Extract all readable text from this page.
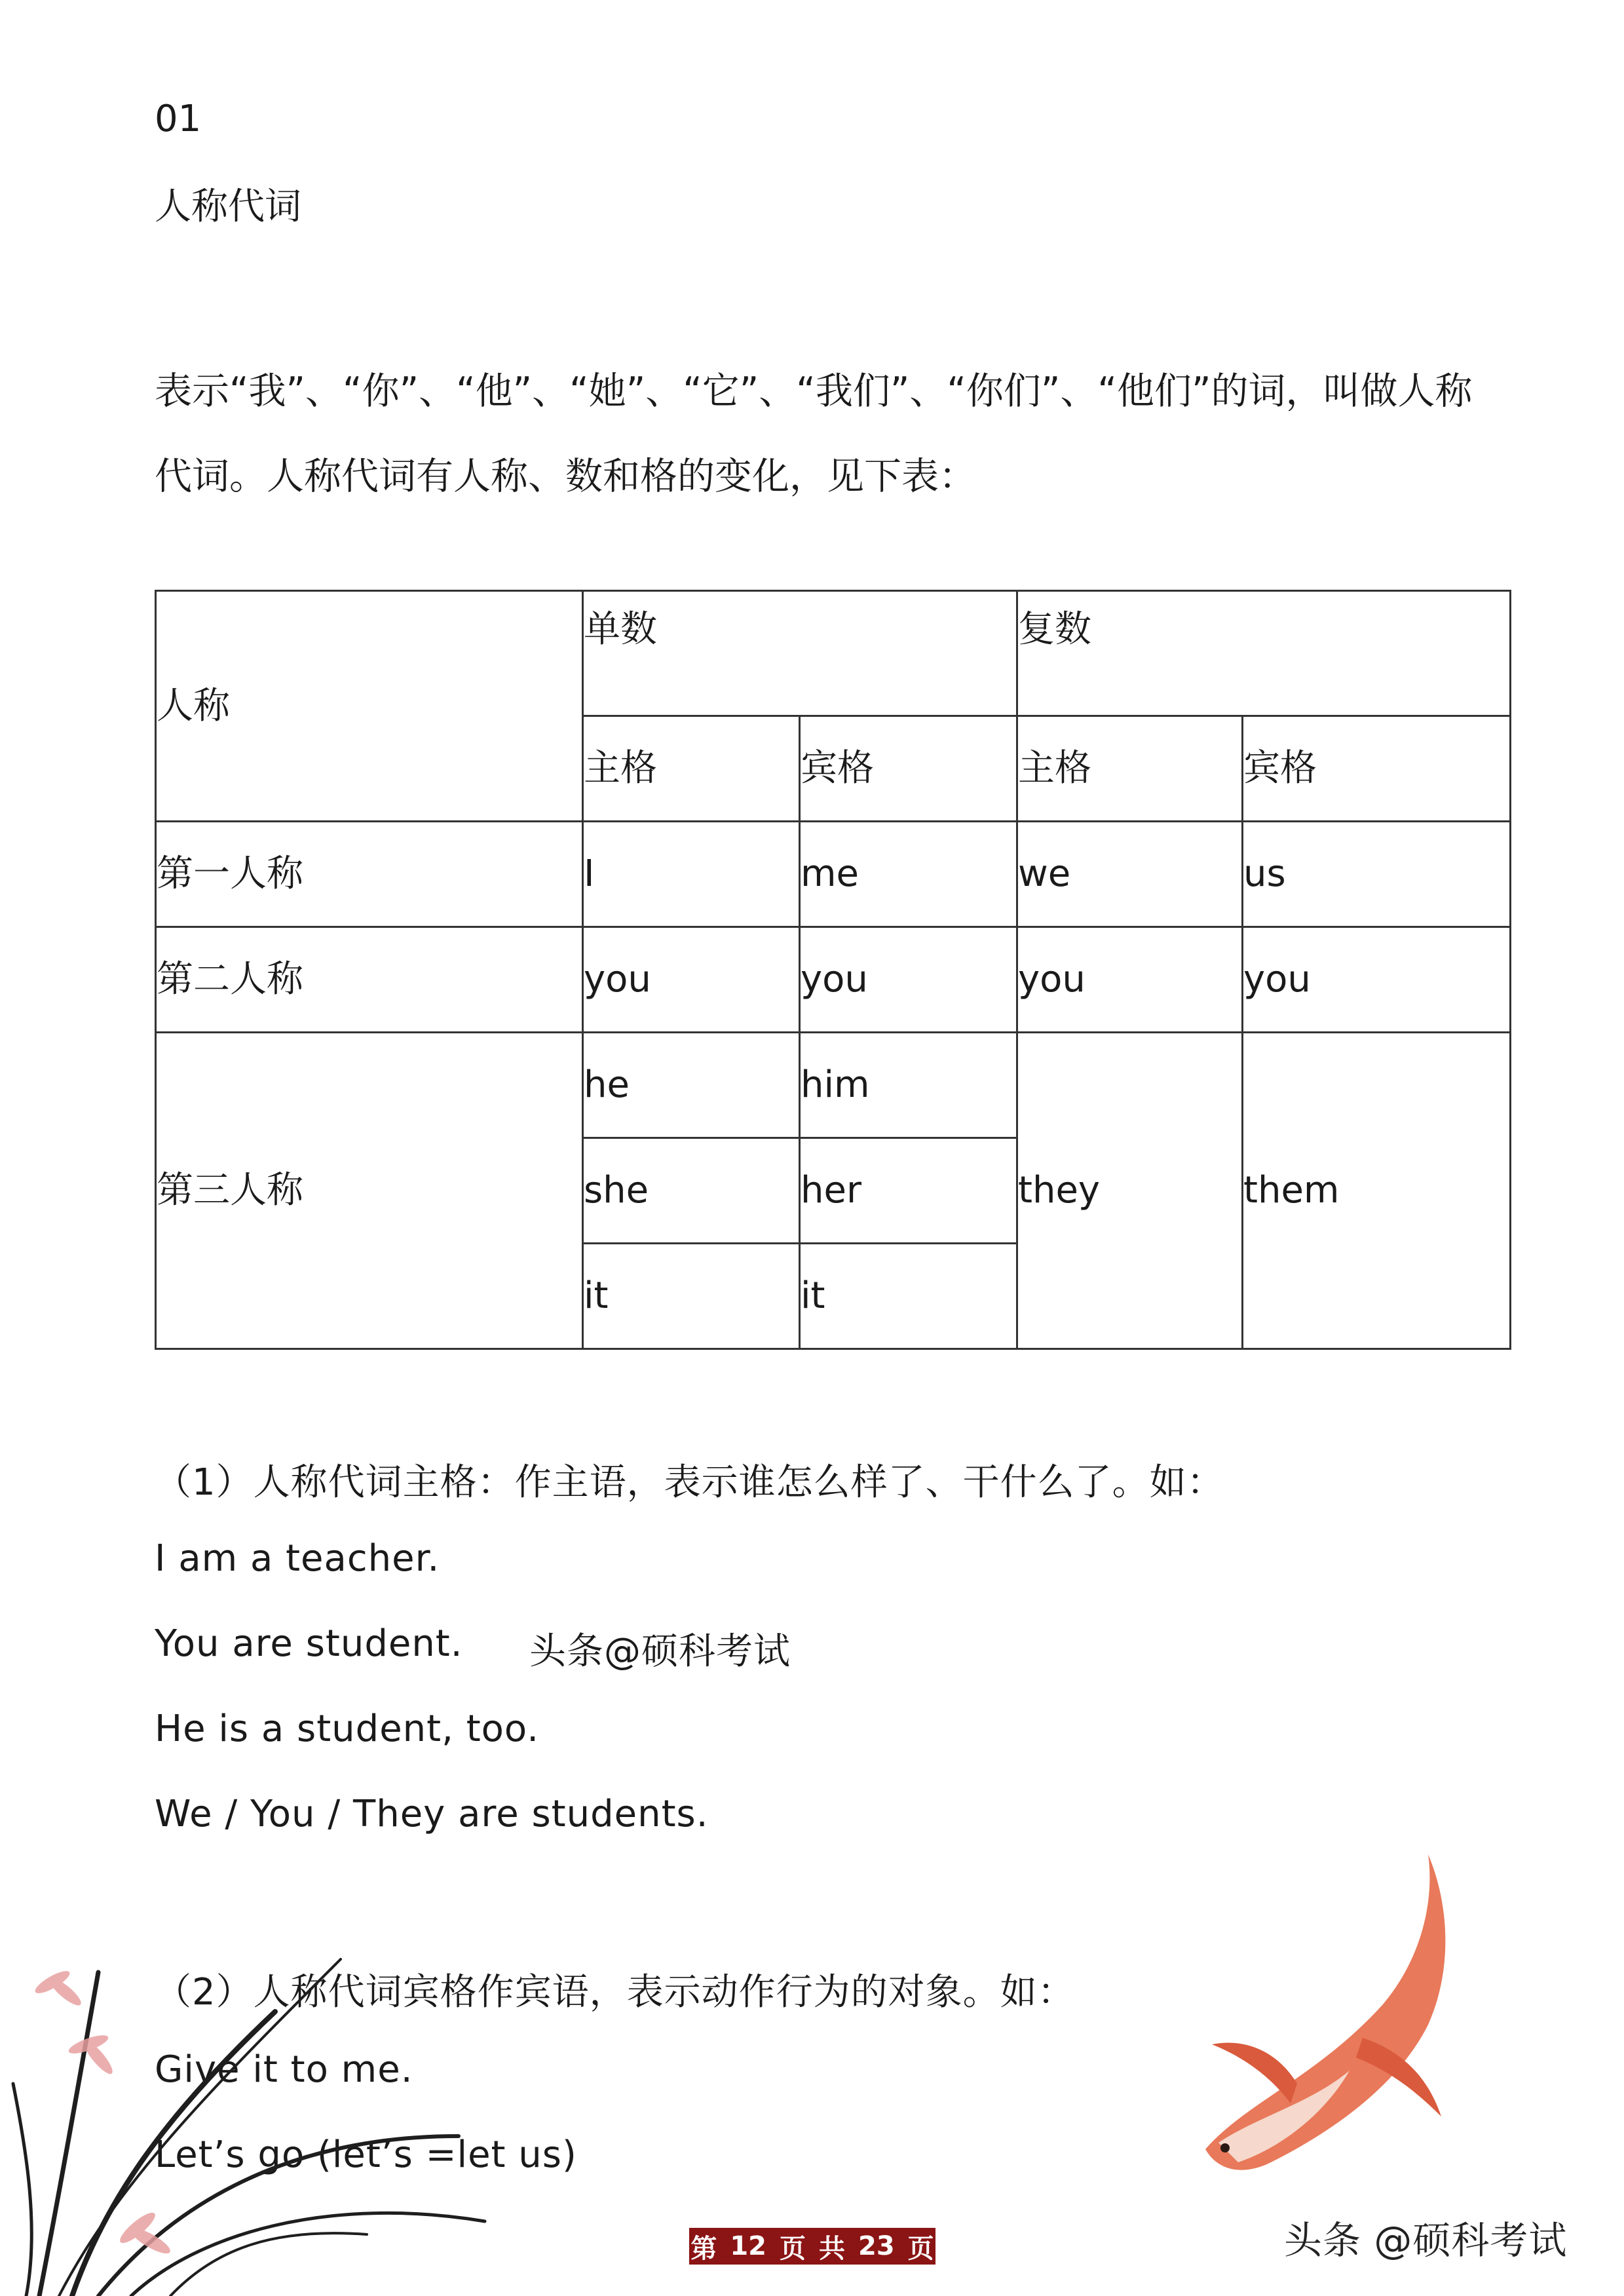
01
人称代词
表示“我”、“你”、“他”、“她”、“它”、“我们”、“你们”、“他们”的词，叫做人称代词。人称代词有人称、数和格的变化，见下表：
人称	单数		复数	
	主格	宾格	主格	宾格
第一人称	I	me	we	us
第二人称	you	you	you	you
第三人称	he	him	they	them
	she	her		
	it	it		
（1）人称代词主格：作主语，表示谁怎么样了、干什么了。如：
I am a teacher.
You are student. 头条@硕科考试
He is a student, too.
We / You / They are students.
（2）人称代词宾格作宾语，表示动作行为的对象。如：
Give it to me.
Let’s go (let’s =let us)
第 12 页 共 23 页	头条 @硕科考试
